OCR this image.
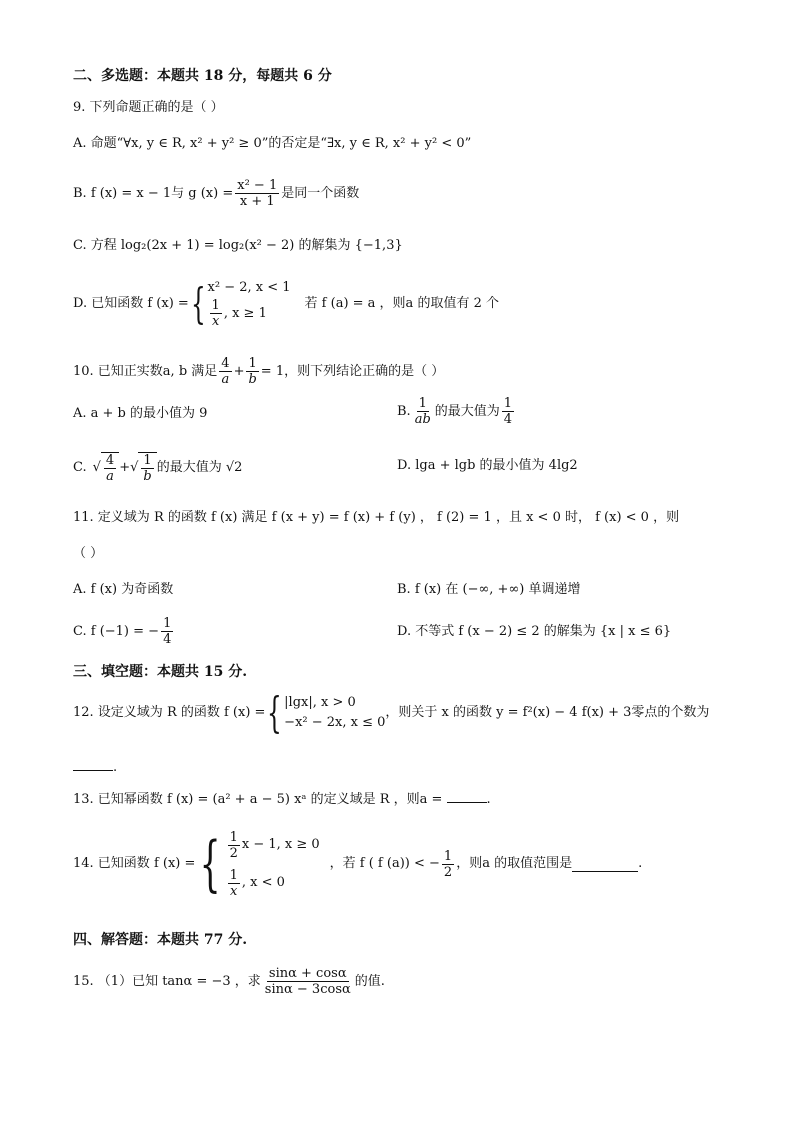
二、多选题：本题共 18 分，每题共 6 分
9. 下列命题正确的是（ ）
A. 命题“∀x, y ∈ R, x² + y² ≥ 0”的否定是“∃x, y ∈ R, x² + y² < 0”
B. f (x) = x − 1与 g $(x) = \frac{\text{x² − 1}}{x + 1}$ 是同一个函数
C. 方程 log₂(2x + 1) = log₂(x² − 2) 的解集为 {−1,3}
D. 已知函数 f (x) = { x² − 2, x < 1
$\frac{1}{x}$ , x ≥ 1
若 f (a) = a ，则a 的取值有 2 个
10. 已知正实数a, b 满足 $\frac{4}{a} + \frac{1}{b} = 1$，则下列结论正确的是（ ）
A. a + b 的最小值为 9	B. $\frac{1}{ab}$ 的最大值为 $\frac{1}{4}$
C. √ $\frac{4}{a}$ + √ $\frac{1}{b}$ 的最大值为 √2	D. lga + lgb 的最小值为 4lg2
11. 定义域为 R 的函数 f (x) 满足 f (x + y) = f (x) + f (y) ， f (2) = 1 ，且 x < 0 时， f (x) < 0 ，则
（ ）
A. f (x) 为奇函数	B. f (x) 在 (−∞, +∞) 单调递增
C. f (−1) = − $\frac{1}{4}$	D. 不等式 f (x − 2) ≤ 2 的解集为 {x | x ≤ 6}
三、填空题：本题共 15 分.
12. 设定义域为 R 的函数 f (x) = { |lgx|, x > 0
−x² − 2x, x ≤ 0
，则关于 x 的函数 y = f²(x) − 4 f(x) + 3零点的个数为
.
13. 已知幂函数 f (x) = (a² + a − 5) xᵃ 的定义域是 R ，则a =	.
14. 已知函数 f (x) = { $\frac{1}{2}$ x − 1, x ≥ 0
$\frac{1}{x}$ , x < 0
，若 f ( f (a)) < − $\frac{1}{2}$ ，则a 的取值范围是	.
四、解答题：本题共 77 分.
15. （1）已知 tanα = −3 ，求 $\frac{\sin\alpha + \cos\alpha}{\sin\alpha - 3\cos\alpha}$ 的值.
